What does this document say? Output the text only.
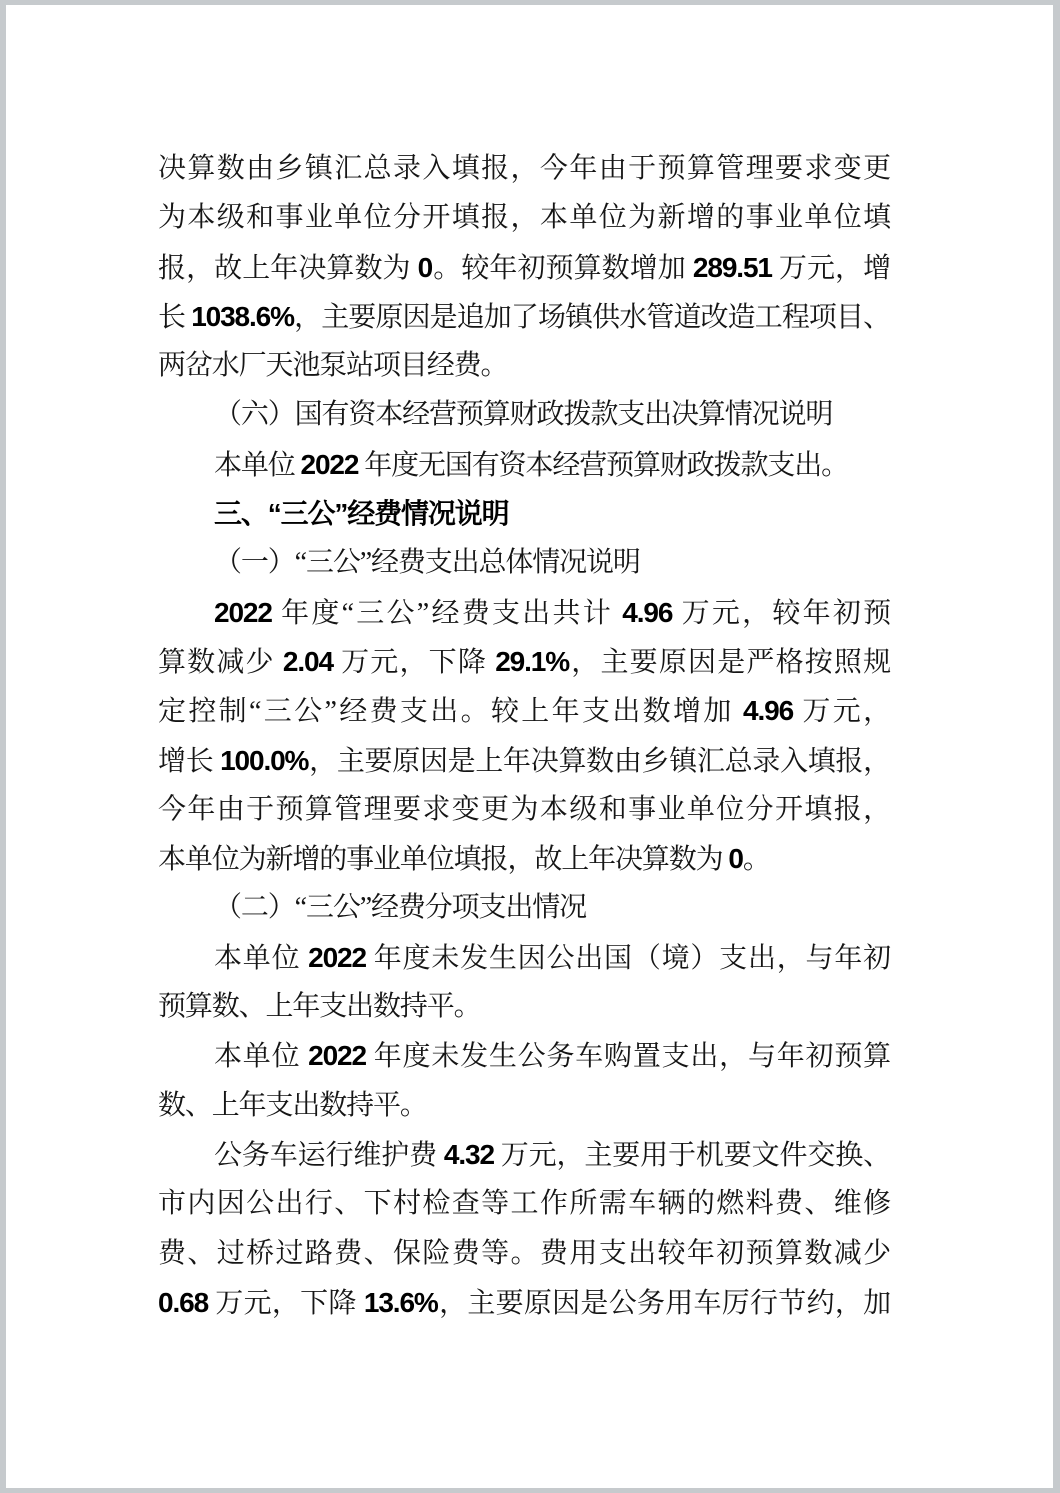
决算数由乡镇汇总录入填报，今年由于预算管理要求变更
为本级和事业单位分开填报，本单位为新增的事业单位填
报，故上年决算数为 0。较年初预算数增加 289.51 万元，增
长 1038.6%，主要原因是追加了场镇供水管道改造工程项目、
两岔水厂天池泵站项目经费。
（六）国有资本经营预算财政拨款支出决算情况说明
本单位 2022 年度无国有资本经营预算财政拨款支出。
三、“三公”经费情况说明
（一）“三公”经费支出总体情况说明
2022 年度“三公”经费支出共计 4.96 万元，较年初预
算数减少 2.04 万元，下降 29.1%，主要原因是严格按照规
定控制“三公”经费支出。较上年支出数增加 4.96 万元，
增长 100.0%，主要原因是上年决算数由乡镇汇总录入填报，
今年由于预算管理要求变更为本级和事业单位分开填报，
本单位为新增的事业单位填报，故上年决算数为 0。
（二）“三公”经费分项支出情况
本单位 2022 年度未发生因公出国（境）支出，与年初
预算数、上年支出数持平。
本单位 2022 年度未发生公务车购置支出，与年初预算
数、上年支出数持平。
公务车运行维护费 4.32 万元，主要用于机要文件交换、
市内因公出行、下村检查等工作所需车辆的燃料费、维修
费、过桥过路费、保险费等。费用支出较年初预算数减少
0.68 万元，下降 13.6%，主要原因是公务用车厉行节约，加
